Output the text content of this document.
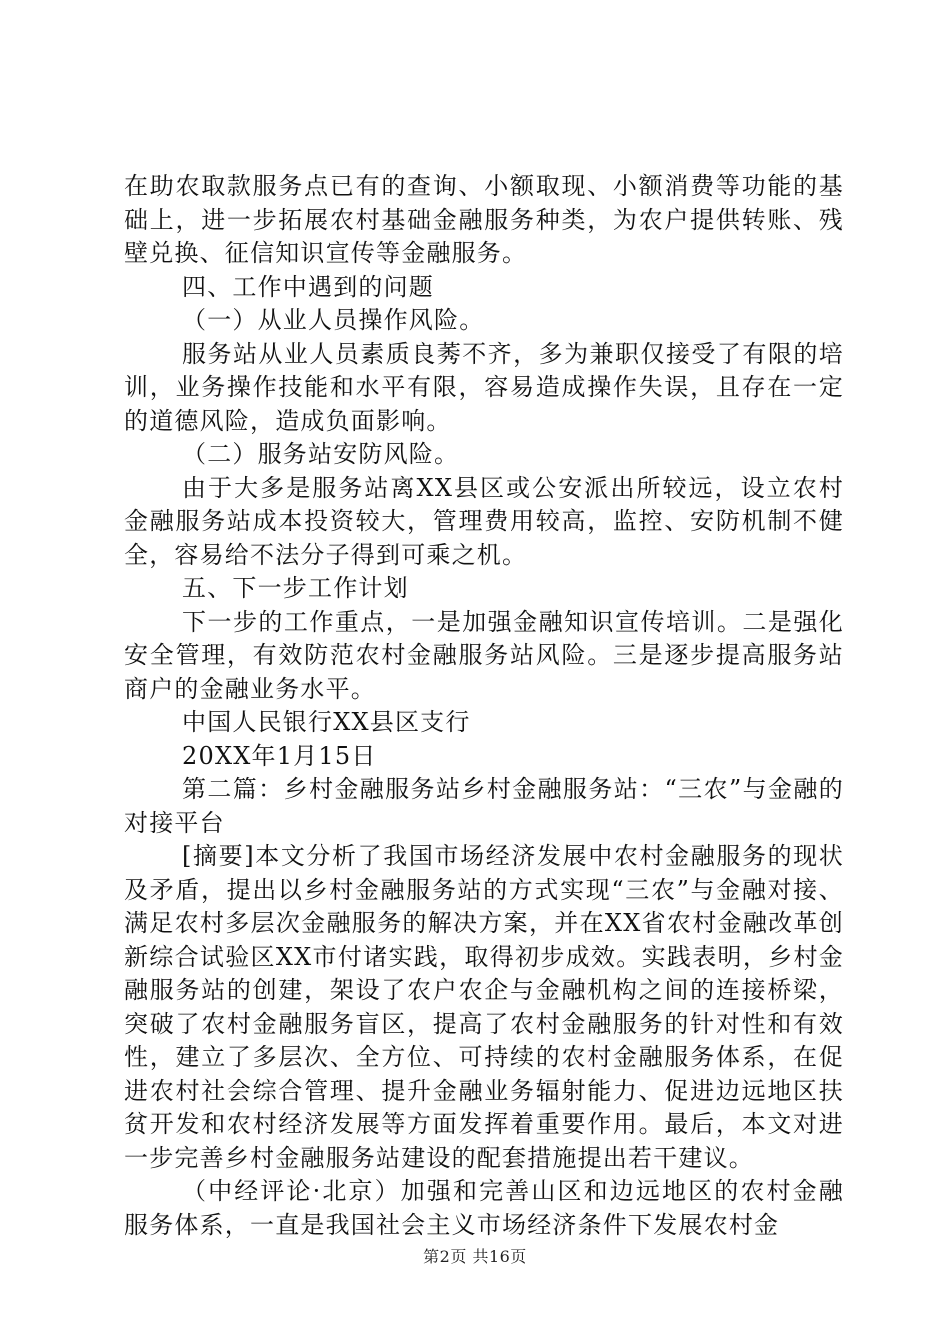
在助农取款服务点已有的查询、小额取现、小额消费等功能的基础上，进一步拓展农村基础金融服务种类，为农户提供转账、残壁兑换、征信知识宣传等金融服务。

四、工作中遇到的问题

（一）从业人员操作风险。

服务站从业人员素质良莠不齐，多为兼职仅接受了有限的培训，业务操作技能和水平有限，容易造成操作失误，且存在一定的道德风险，造成负面影响。

（二）服务站安防风险。

由于大多是服务站离XX县区或公安派出所较远，设立农村金融服务站成本投资较大，管理费用较高，监控、安防机制不健全，容易给不法分子得到可乘之机。

五、下一步工作计划

下一步的工作重点，一是加强金融知识宣传培训。二是强化安全管理，有效防范农村金融服务站风险。三是逐步提高服务站商户的金融业务水平。

中国人民银行XX县区支行

20XX年1月15日

第二篇：乡村金融服务站乡村金融服务站：“三农”与金融的对接平台

[摘要]本文分析了我国市场经济发展中农村金融服务的现状及矛盾，提出以乡村金融服务站的方式实现“三农”与金融对接、满足农村多层次金融服务的解决方案，并在XX省农村金融改革创新综合试验区XX市付诸实践，取得初步成效。实践表明，乡村金融服务站的创建，架设了农户农企与金融机构之间的连接桥梁，突破了农村金融服务盲区，提高了农村金融服务的针对性和有效性，建立了多层次、全方位、可持续的农村金融服务体系，在促进农村社会综合管理、提升金融业务辐射能力、促进边远地区扶贫开发和农村经济发展等方面发挥着重要作用。最后，本文对进一步完善乡村金融服务站建设的配套措施提出若干建议。

（中经评论·北京）加强和完善山区和边远地区的农村金融服务体系，一直是我国社会主义市场经济条件下发展农村金

第2页 共16页
